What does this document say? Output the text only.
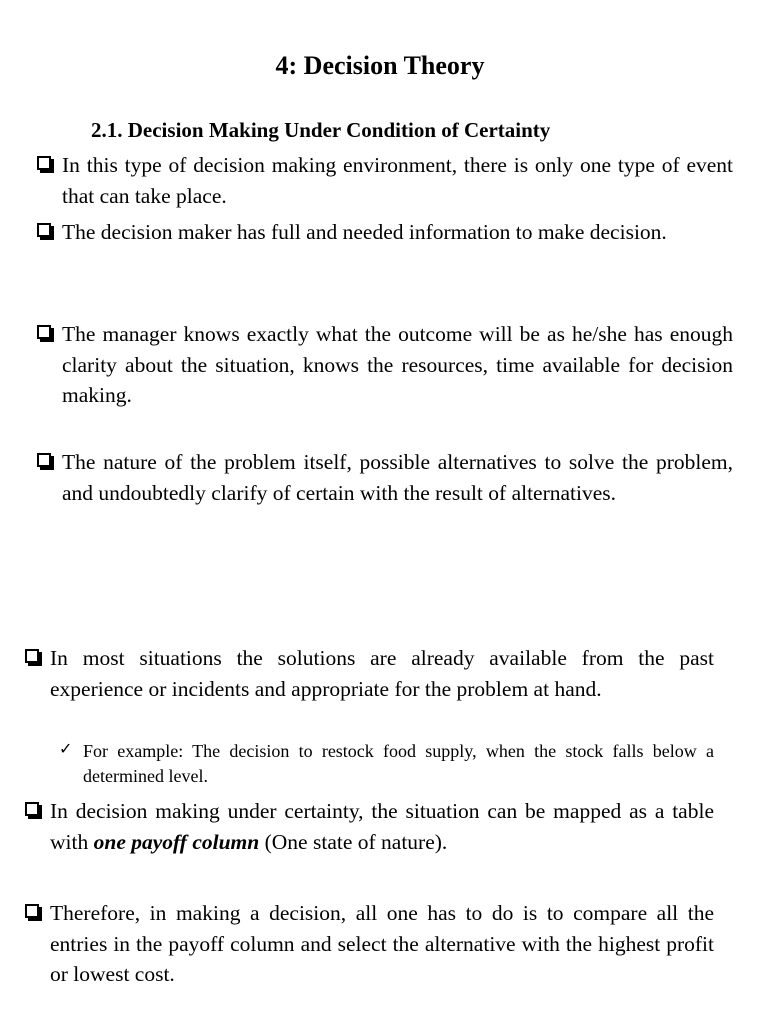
4: Decision Theory
2.1. Decision Making Under Condition of Certainty
In this type of decision making environment, there is only one type of event that can take place.
The decision maker has full and needed information to make decision.
The manager knows exactly what the outcome will be as he/she has enough clarity about the situation, knows the resources, time available for decision making.
The nature of the problem itself, possible alternatives to solve the problem, and undoubtedly clarify of certain with the result of alternatives.
In most situations the solutions are already available from the past experience or incidents and appropriate for the problem at hand.
✓ For example: The decision to restock food supply, when the stock falls below a determined level.
In decision making under certainty, the situation can be mapped as a table with one payoff column (One state of nature).
Therefore, in making a decision, all one has to do is to compare all the entries in the payoff column and select the alternative with the highest profit or lowest cost.
